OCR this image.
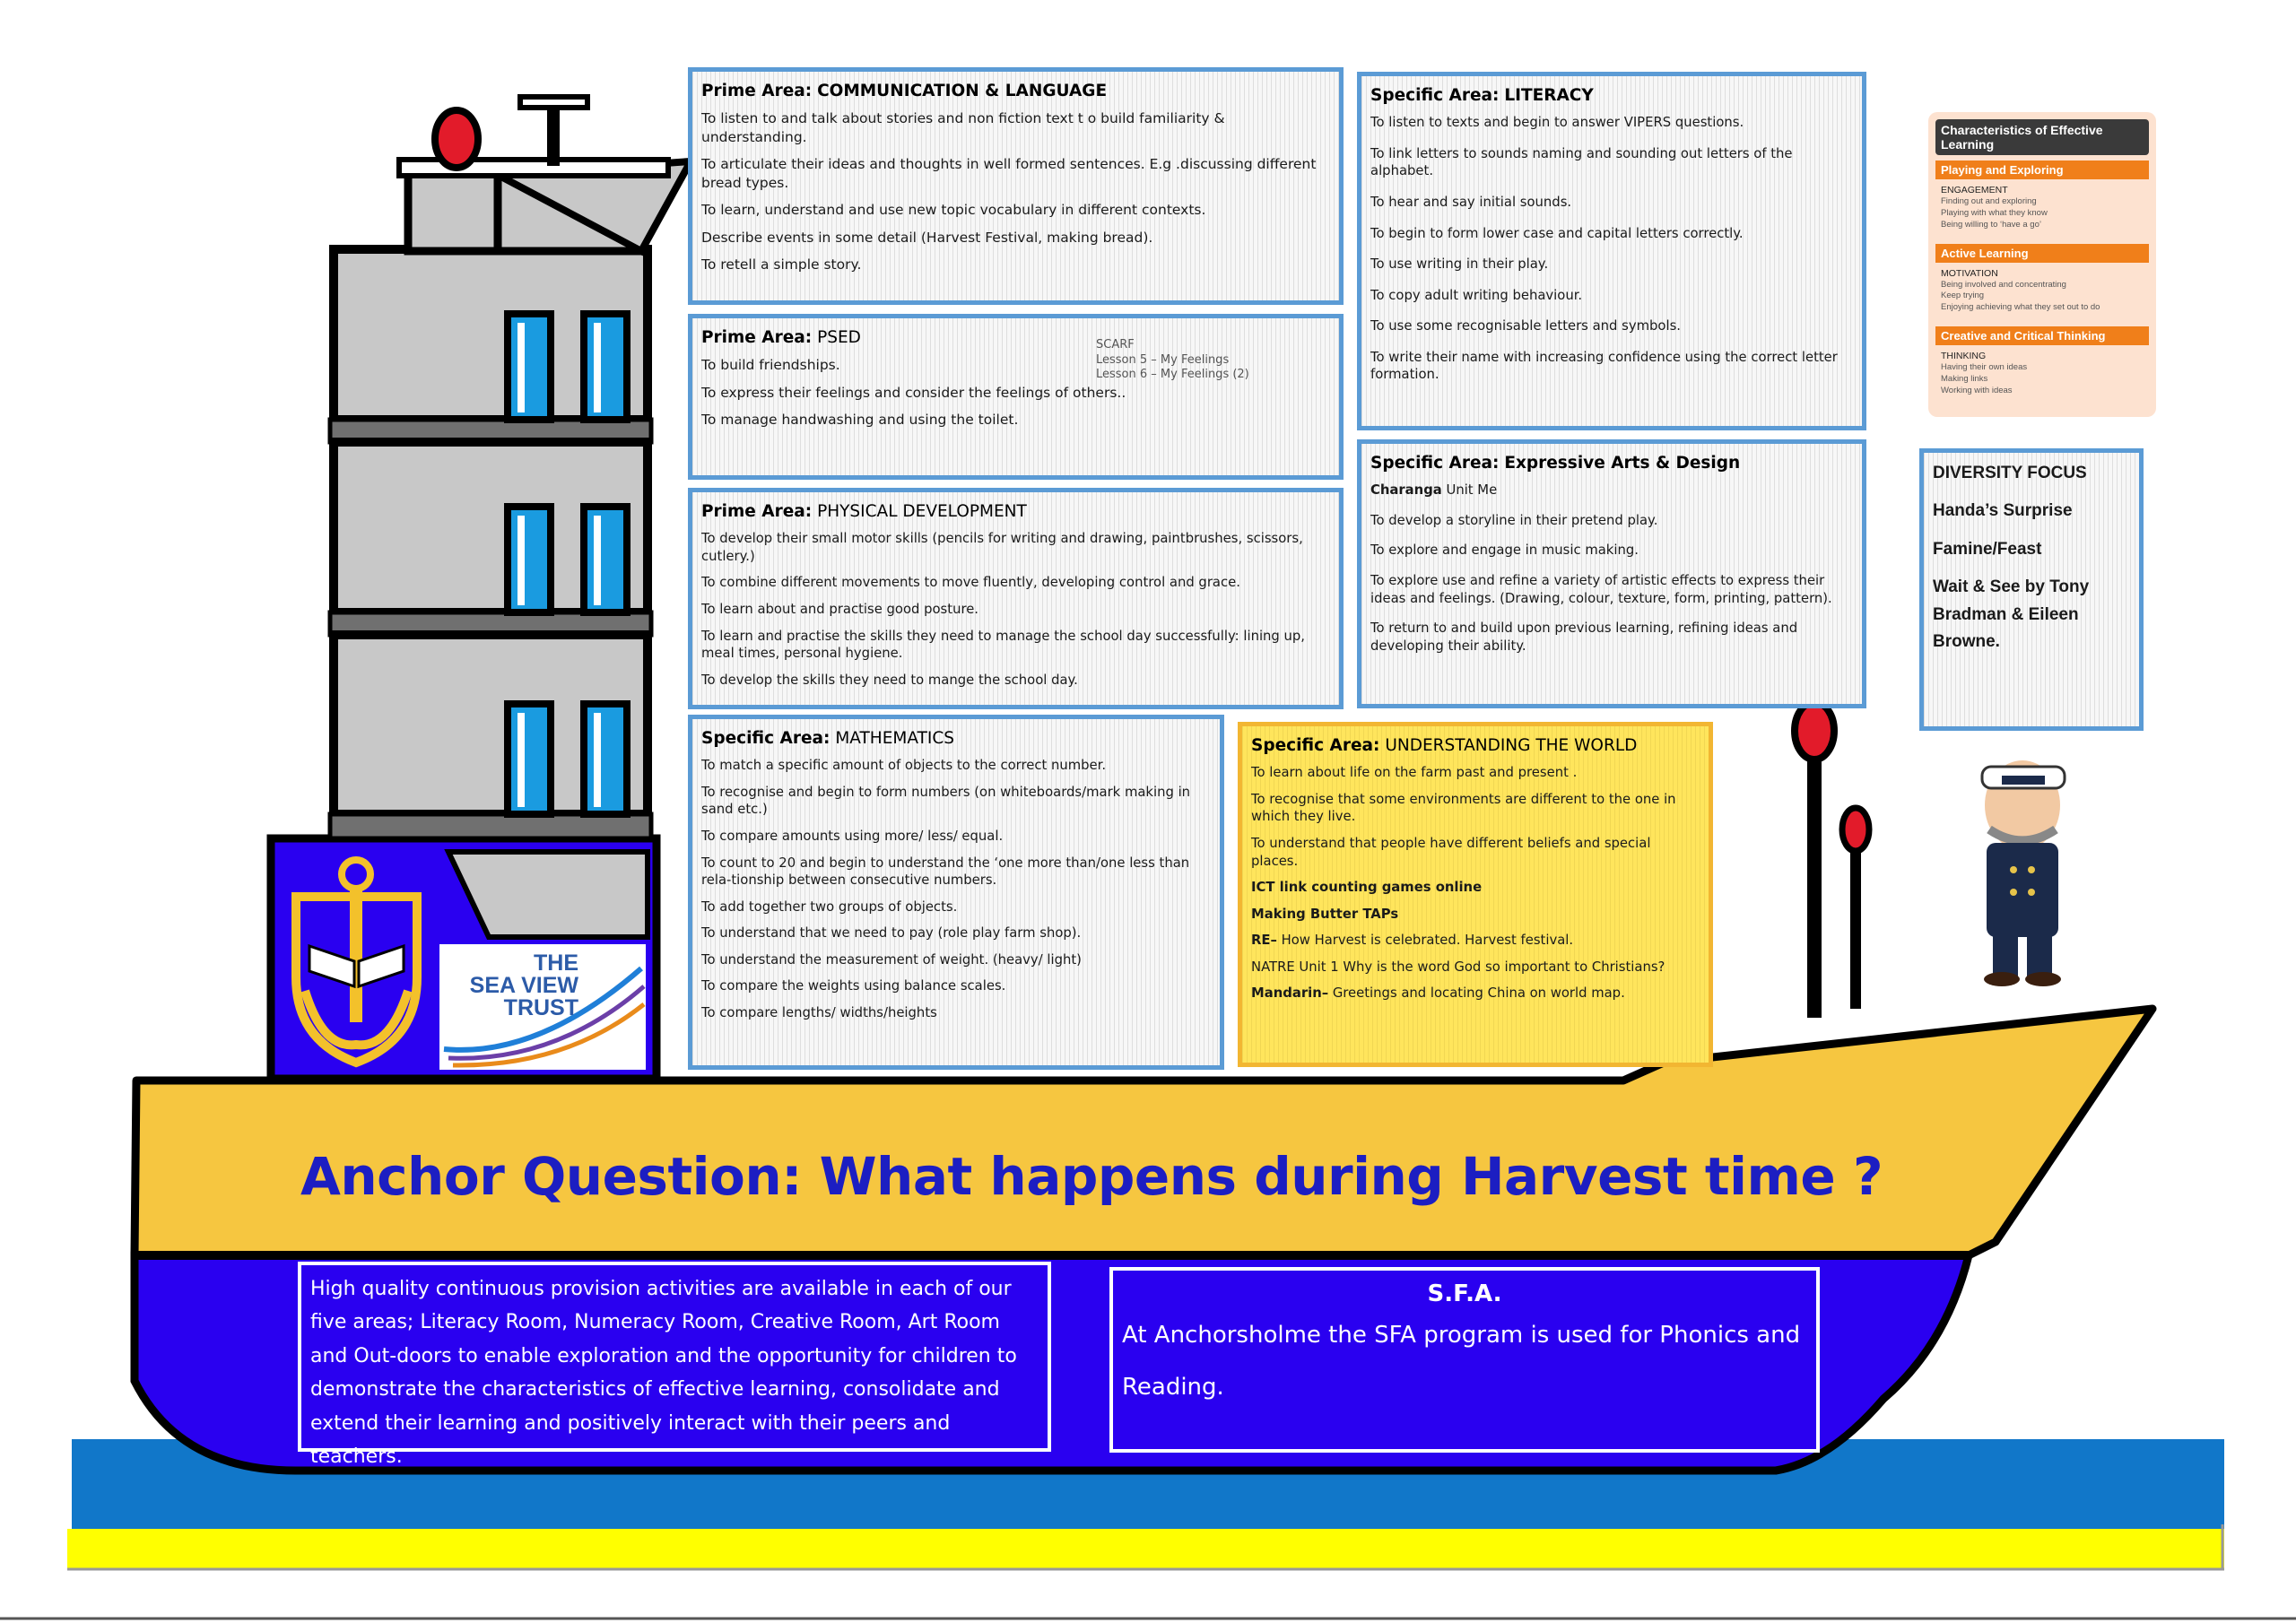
Prime Area: COMMUNICATION & LANGUAGE

To listen to and talk about stories and non fiction text t o build familiarity & understanding.

To articulate their ideas and thoughts in well formed sentences. E.g .discussing different bread types.

To learn, understand and use new topic vocabulary in different contexts.

Describe events in some detail (Harvest Festival, making bread).

To retell a simple story.

Prime Area: PSED

To build friendships.

To express their feelings and consider the feelings of others..

To manage handwashing and using the toilet.

SCARF
Lesson 5 – My Feelings
Lesson 6 – My Feelings (2)
Prime Area: PHYSICAL DEVELOPMENT

To develop their small motor skills (pencils for writing and drawing, paintbrushes, scissors, cutlery.)

To combine different movements to move fluently, developing control and grace.

To learn about and practise good posture.

To learn and practise the skills they need to manage the school day successfully: lining up, meal times, personal hygiene.

To develop the skills they need to mange the school day.

Specific Area: MATHEMATICS

To match a specific amount of objects to the correct number.

To recognise and begin to form numbers (on whiteboards/mark making in sand etc.)

To compare amounts using more/ less/ equal.

To count to 20 and begin to understand the ‘one more than/one less than rela-tionship between consecutive numbers.

To add together two groups of objects.

To understand that we need to pay (role play farm shop).

To understand the measurement of weight. (heavy/ light)

To compare the weights using balance scales.

To compare lengths/ widths/heights

Specific Area: UNDERSTANDING THE WORLD

To learn about life on the farm past and present .

To recognise that some environments are different to the one in which they live.

To understand that people have different beliefs and special places.

ICT link counting games online

Making Butter TAPs

RE– How Harvest is celebrated. Harvest festival.

NATRE Unit 1 Why is the word God so important to Christians?

Mandarin– Greetings and locating China on world map.

Specific Area: LITERACY

To listen to texts and begin to answer VIPERS questions.

To link letters to sounds naming and sounding out letters of the alphabet.

To hear and say initial sounds.

To begin to form lower case and capital letters correctly.

To use writing in their play.

To copy adult writing behaviour.

To use some recognisable letters and symbols.

To write their name with increasing confidence using the correct letter formation.

Specific Area: Expressive Arts & Design

Charanga Unit Me

To develop a storyline in their pretend play.

To explore and engage in music making.

To explore use and refine a variety of artistic effects to express their ideas and feelings. (Drawing, colour, texture, form, printing, pattern).

To return to and build upon previous learning, refining ideas and developing their ability.

DIVERSITY FOCUS

Handa’s Surprise

Famine/Feast

Wait & See by Tony Bradman & Eileen Browne.

Characteristics of Effective Learning
Playing and Exploring
ENGAGEMENT
Finding out and exploring
Playing with what they know
Being willing to ‘have a go’
Active Learning
MOTIVATION
Being involved and concentrating
Keep trying
Enjoying achieving what they set out to do
Creative and Critical Thinking
THINKING
Having their own ideas
Making links
Working with ideas
THE
SEA VIEW
TRUST
Anchor Question: What happens during Harvest time ?
High quality continuous provision activities are available in each of our five areas; Literacy Room, Numeracy Room, Creative Room, Art Room and Out-doors to enable exploration and the opportunity for children to demonstrate the characteristics of effective learning, consolidate and extend their learning and positively interact with their peers and teachers.
S.F.A.
At Anchorsholme the SFA program is used for Phonics and Reading.
